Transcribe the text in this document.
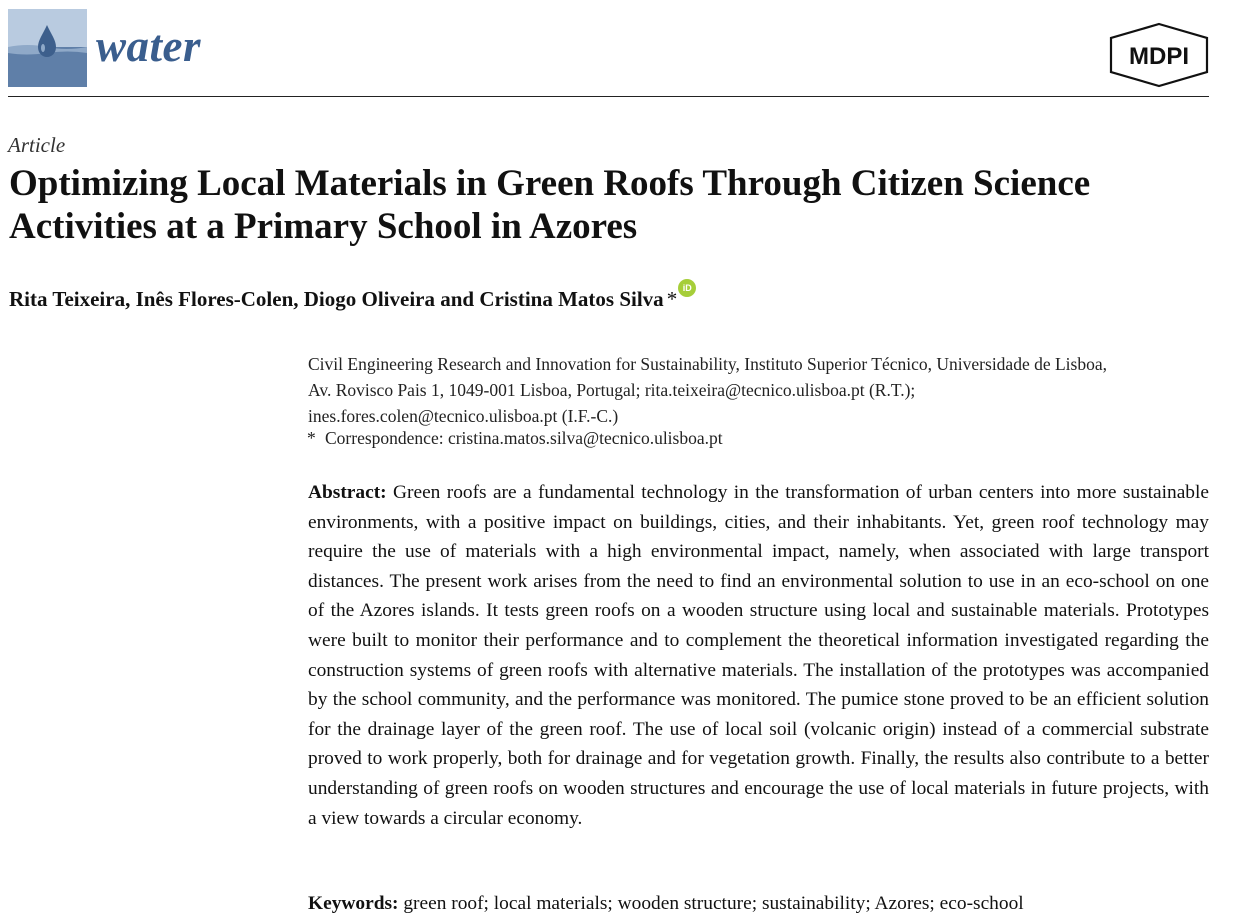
water	MDPI
Article
Optimizing Local Materials in Green Roofs Through Citizen Science Activities at a Primary School in Azores
Rita Teixeira, Inês Flores-Colen, Diogo Oliveira and Cristina Matos Silva * iD
Civil Engineering Research and Innovation for Sustainability, Instituto Superior Técnico, Universidade de Lisboa,
Av. Rovisco Pais 1, 1049-001 Lisboa, Portugal; rita.teixeira@tecnico.ulisboa.pt (R.T.);
ines.fores.colen@tecnico.ulisboa.pt (I.F.-C.)
* Correspondence: cristina.matos.silva@tecnico.ulisboa.pt
Abstract: Green roofs are a fundamental technology in the transformation of urban centers into more sustainable environments, with a positive impact on buildings, cities, and their inhabitants. Yet, green roof technology may require the use of materials with a high environmental impact, namely, when associated with large transport distances. The present work arises from the need to find an environmental solution to use in an eco-school on one of the Azores islands. It tests green roofs on a wooden structure using local and sustainable materials. Prototypes were built to monitor their performance and to complement the theoretical information investigated regarding the construction systems of green roofs with alternative materials. The installation of the prototypes was accompanied by the school community, and the performance was monitored. The pumice stone proved to be an efficient solution for the drainage layer of the green roof. The use of local soil (volcanic origin) instead of a commercial substrate proved to work properly, both for drainage and for vegetation growth. Finally, the results also contribute to a better understanding of green roofs on wooden structures and encourage the use of local materials in future projects, with a view towards a circular economy.
Keywords: green roof; local materials; wooden structure; sustainability; Azores; eco-school
